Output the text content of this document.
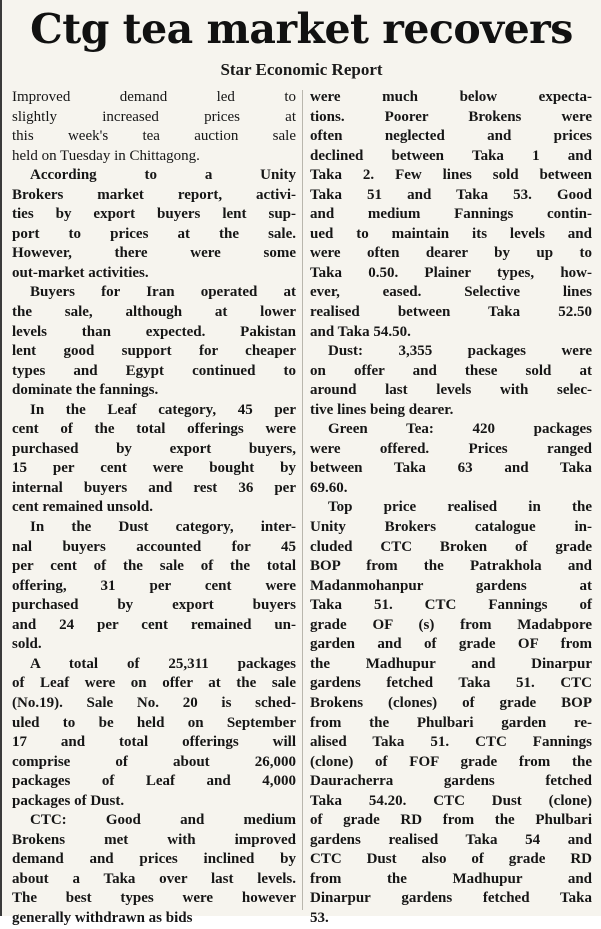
Ctg tea market recovers
Star Economic Report
Improved demand led to
slightly increased prices at
this week's tea auction sale
held on Tuesday in Chittagong.
According to a Unity
Brokers market report, activi-
ties by export buyers lent sup-
port to prices at the sale.
However, there were some
out-market activities.
Buyers for Iran operated at
the sale, although at lower
levels than expected. Pakistan
lent good support for cheaper
types and Egypt continued to
dominate the fannings.
In the Leaf category, 45 per
cent of the total offerings were
purchased by export buyers,
15 per cent were bought by
internal buyers and rest 36 per
cent remained unsold.
In the Dust category, inter-
nal buyers accounted for 45
per cent of the sale of the total
offering, 31 per cent were
purchased by export buyers
and 24 per cent remained un-
sold.
A total of 25,311 packages
of Leaf were on offer at the sale
(No.19). Sale No. 20 is sched-
uled to be held on September
17 and total offerings will
comprise of about 26,000
packages of Leaf and 4,000
packages of Dust.
CTC: Good and medium
Brokens met with improved
demand and prices inclined by
about a Taka over last levels.
The best types were however
generally withdrawn as bids
were much below expecta-
tions. Poorer Brokens were
often neglected and prices
declined between Taka 1 and
Taka 2. Few lines sold between
Taka 51 and Taka 53. Good
and medium Fannings contin-
ued to maintain its levels and
were often dearer by up to
Taka 0.50. Plainer types, how-
ever, eased. Selective lines
realised between Taka 52.50
and Taka 54.50.
Dust: 3,355 packages were
on offer and these sold at
around last levels with selec-
tive lines being dearer.
Green Tea: 420 packages
were offered. Prices ranged
between Taka 63 and Taka
69.60.
Top price realised in the
Unity Brokers catalogue in-
cluded CTC Broken of grade
BOP from the Patrakhola and
Madanmohanpur gardens at
Taka 51. CTC Fannings of
grade OF (s) from Madabpore
garden and of grade OF from
the Madhupur and Dinarpur
gardens fetched Taka 51. CTC
Brokens (clones) of grade BOP
from the Phulbari garden re-
alised Taka 51. CTC Fannings
(clone) of FOF grade from the
Dauracherra gardens fetched
Taka 54.20. CTC Dust (clone)
of grade RD from the Phulbari
gardens realised Taka 54 and
CTC Dust also of grade RD
from the Madhupur and
Dinarpur gardens fetched Taka
53.
